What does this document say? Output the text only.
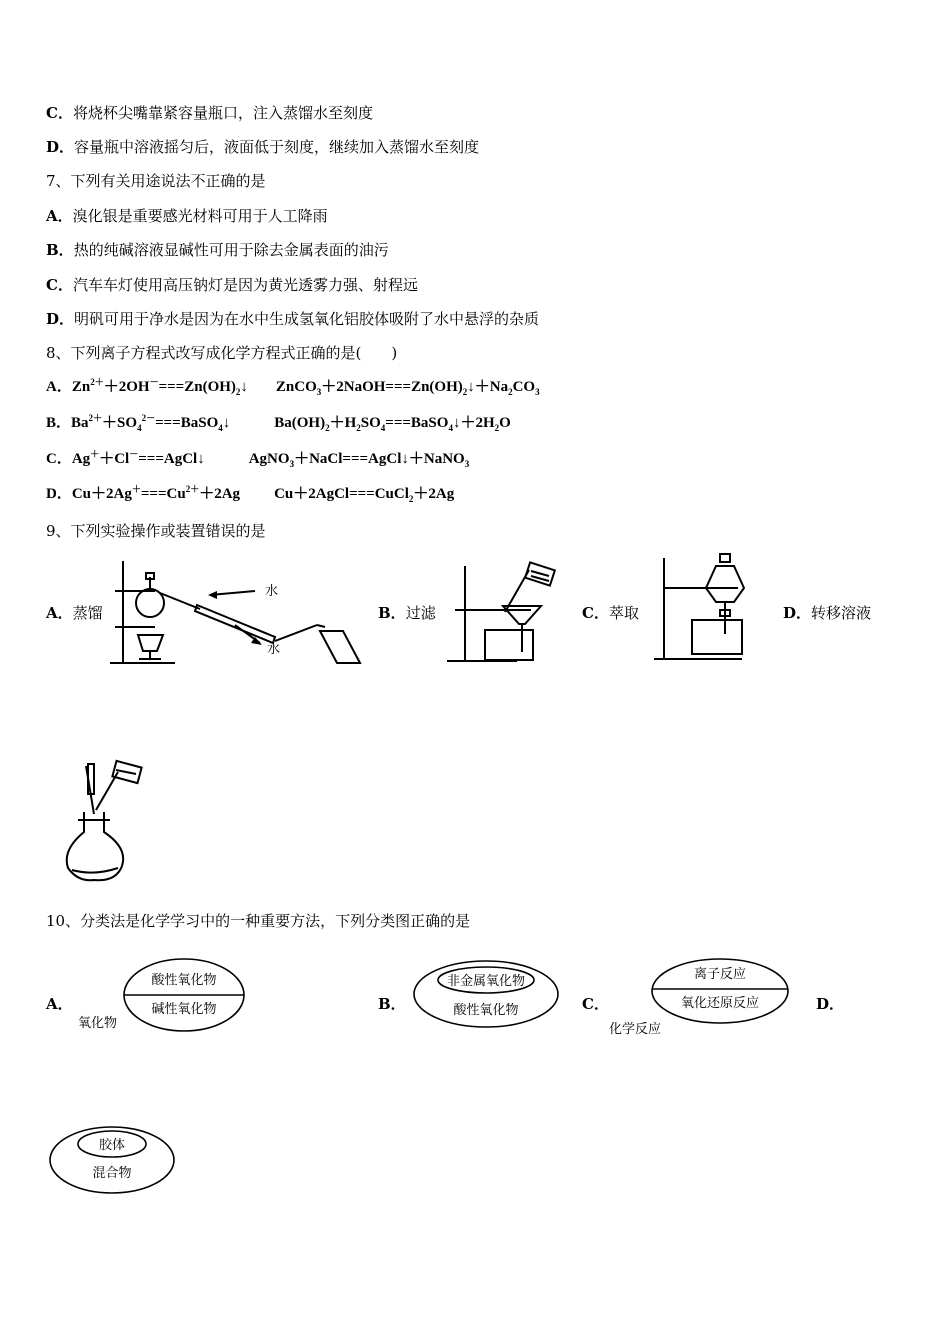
C．将烧杯尖嘴靠紧容量瓶口，注入蒸馏水至刻度
D．容量瓶中溶液摇匀后，液面低于刻度，继续加入蒸馏水至刻度
7、下列有关用途说法不正确的是
A．溴化银是重要感光材料可用于人工降雨
B．热的纯碱溶液显碱性可用于除去金属表面的油污
C．汽车车灯使用高压钠灯是因为黄光透雾力强、射程远
D．明矾可用于净水是因为在水中生成氢氧化铝胶体吸附了水中悬浮的杂质
8、下列离子方程式改写成化学方程式正确的是(　　)
A．$Zn^{2+}+2OH^-===Zn(OH)_2↓$ $ZnCO_3+2NaOH===Zn(OH)_2↓+Na_2CO_3$
B．$Ba^{2+}+SO_4^{2-}===BaSO_4↓$	$Ba(OH)_2+H_2SO_4===BaSO_4↓+2H_2O$
C．Ag＋＋Cl－===AgCl↓	AgNO$_3$＋NaCl===AgCl↓＋NaNO$_3$
D．$Cu+2Ag^+===Cu^{2+}+2Ag$ Cu＋2AgCl===CuCl$_2$＋2Ag
9、下列实验操作或装置错误的是
A．蒸馏	B．过滤	C．萃取	D．转移溶液
水
水
10、分类法是化学学习中的一种重要方法，下列分类图正确的是
A．
酸性氧化物
碱性氧化物
氧化物
B．
非金属氧化物
酸性氧化物	C．
离子反应
氧化还原反应
化学反应
D．
胶体
混合物
